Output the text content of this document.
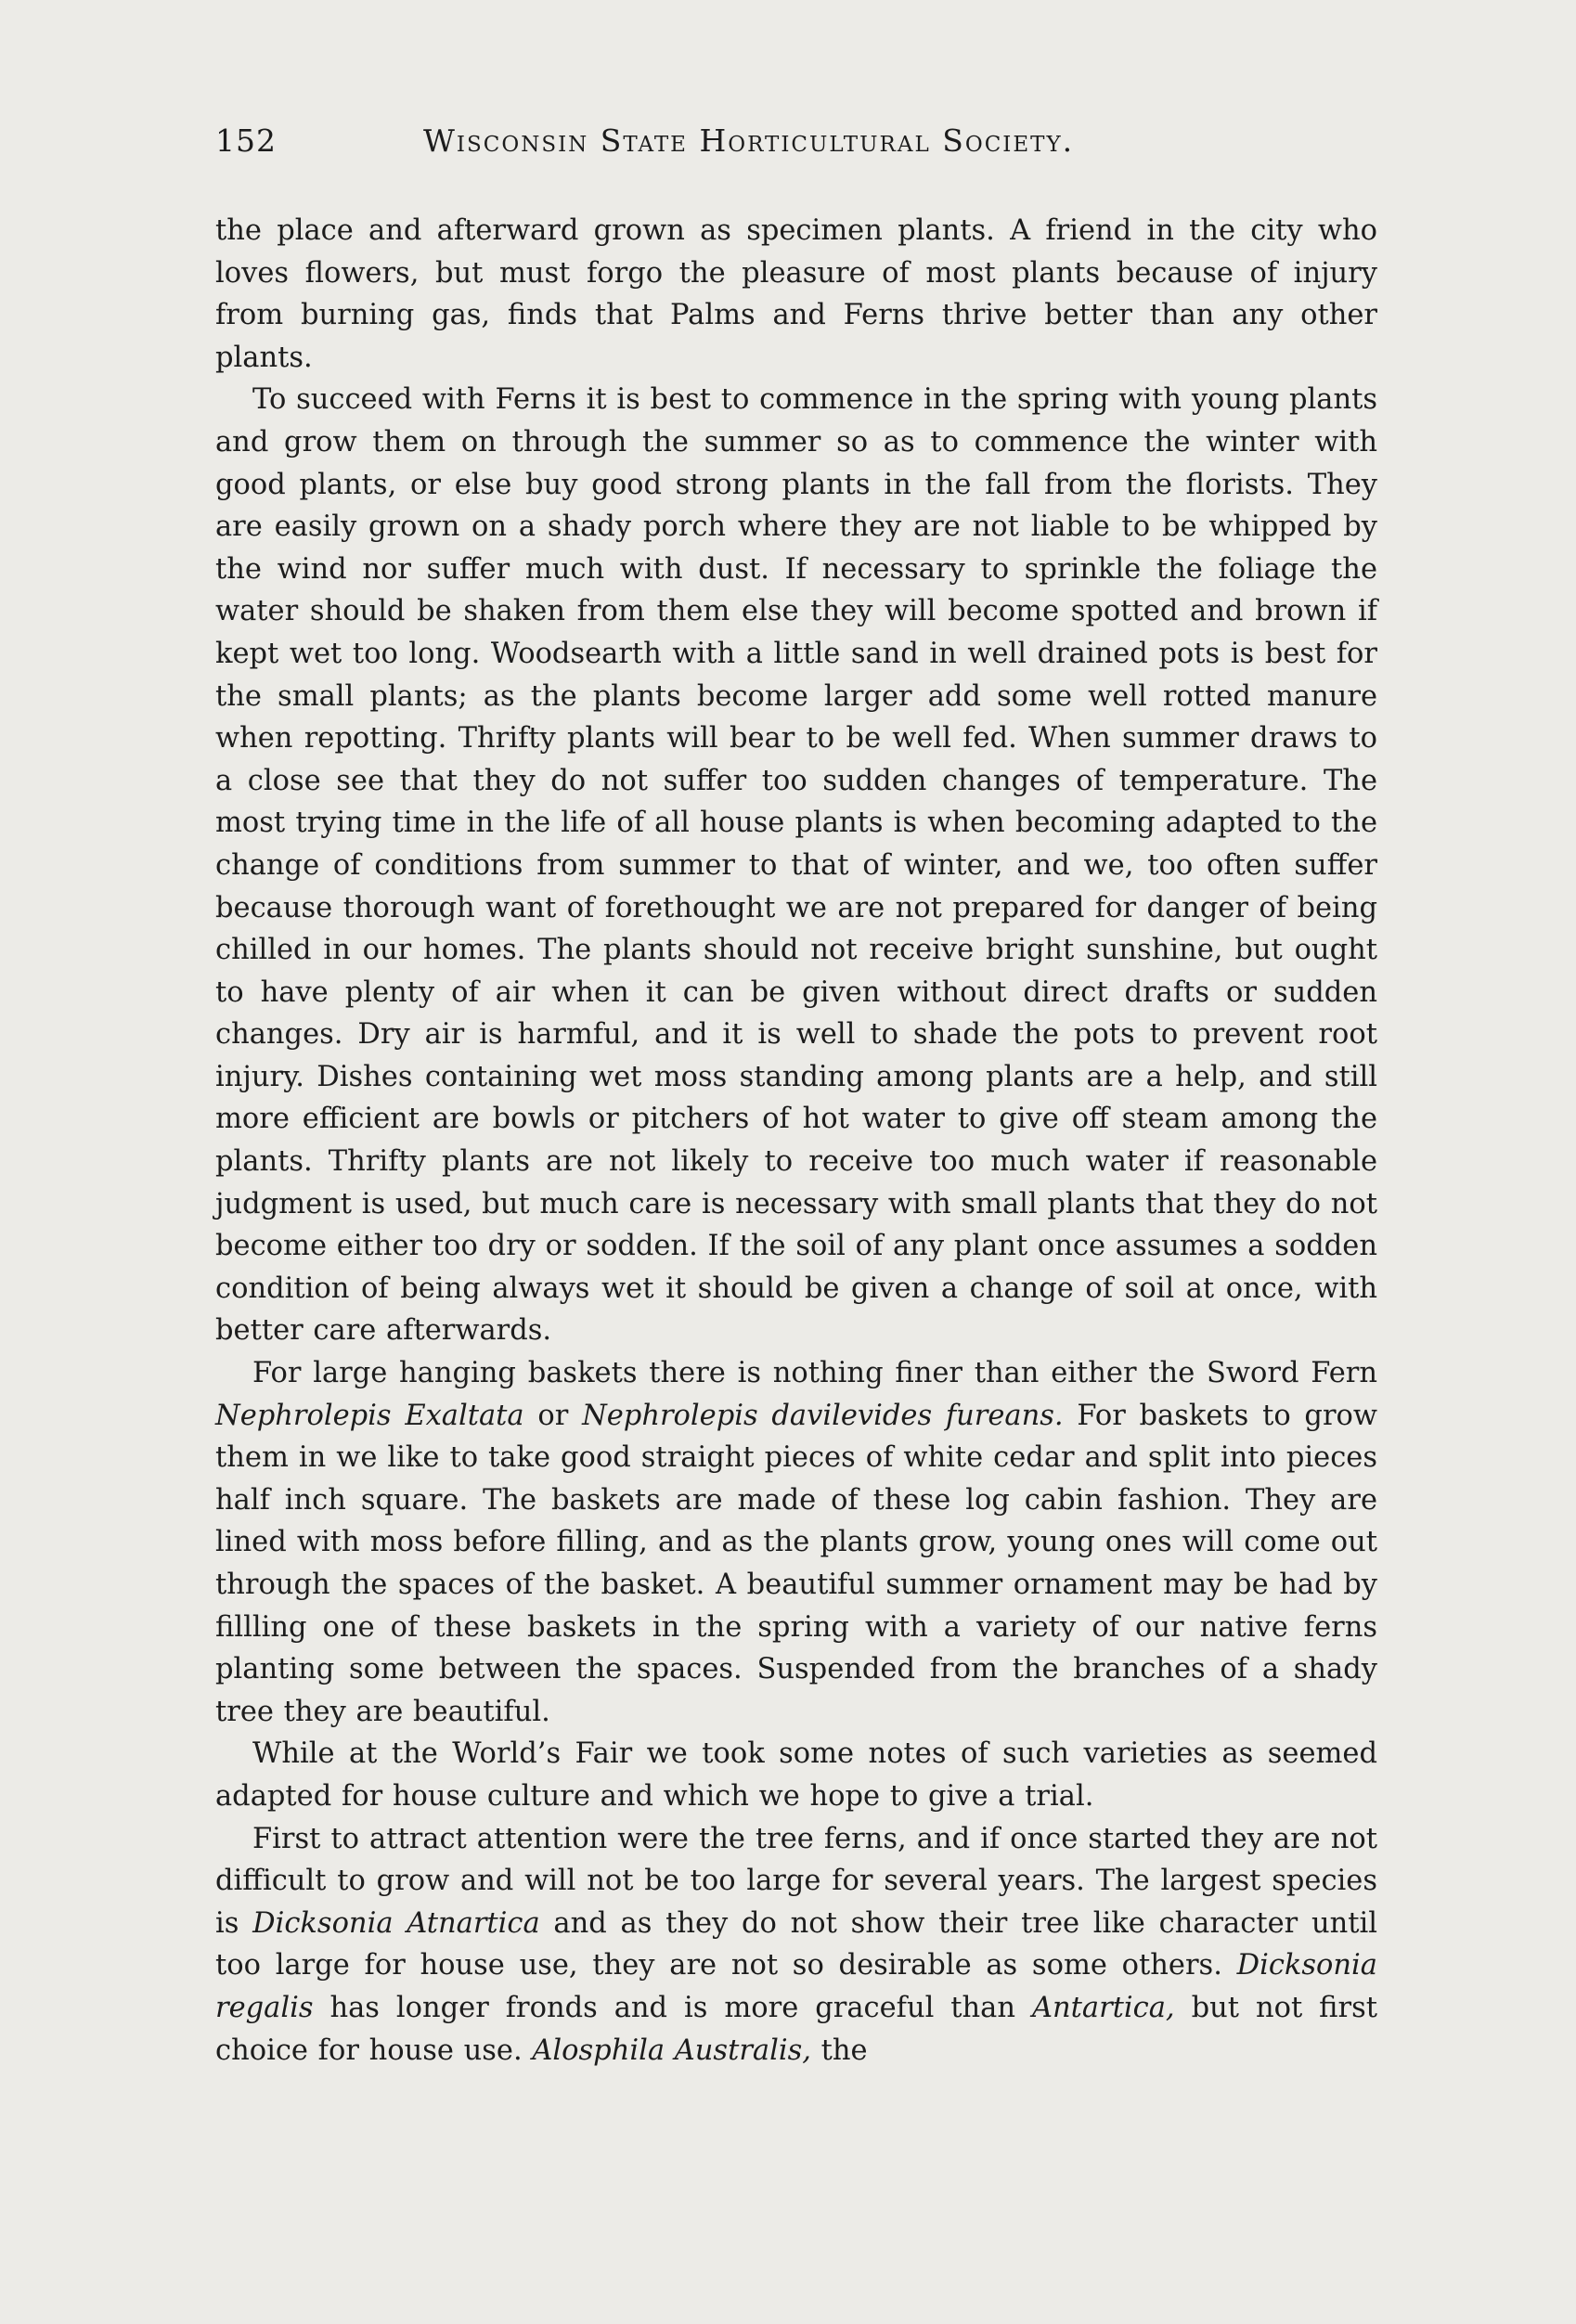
152	Wisconsin State Horticultural Society.

the place and afterward grown as specimen plants. A friend in the city who loves flowers, but must forgo the pleasure of most plants because of injury from burning gas, finds that Palms and Ferns thrive better than any other plants.

To succeed with Ferns it is best to commence in the spring with young plants and grow them on through the summer so as to commence the winter with good plants, or else buy good strong plants in the fall from the florists. They are easily grown on a shady porch where they are not liable to be whipped by the wind nor suffer much with dust. If necessary to sprinkle the foliage the water should be shaken from them else they will become spotted and brown if kept wet too long. Woodsearth with a little sand in well drained pots is best for the small plants; as the plants become larger add some well rotted manure when repotting. Thrifty plants will bear to be well fed. When summer draws to a close see that they do not suffer too sudden changes of temperature. The most trying time in the life of all house plants is when becoming adapted to the change of conditions from summer to that of winter, and we, too often suffer because thorough want of forethought we are not prepared for danger of being chilled in our homes. The plants should not receive bright sunshine, but ought to have plenty of air when it can be given without direct drafts or sudden changes. Dry air is harmful, and it is well to shade the pots to prevent root injury. Dishes containing wet moss standing among plants are a help, and still more efficient are bowls or pitchers of hot water to give off steam among the plants. Thrifty plants are not likely to receive too much water if reasonable judgment is used, but much care is necessary with small plants that they do not become either too dry or sodden. If the soil of any plant once assumes a sodden condition of being always wet it should be given a change of soil at once, with better care afterwards.

For large hanging baskets there is nothing finer than either the Sword Fern Nephrolepis Exaltata or Nephrolepis davilevides fureans. For baskets to grow them in we like to take good straight pieces of white cedar and split into pieces half inch square. The baskets are made of these log cabin fashion. They are lined with moss before filling, and as the plants grow, young ones will come out through the spaces of the basket. A beautiful summer ornament may be had by fillling one of these baskets in the spring with a variety of our native ferns planting some between the spaces. Suspended from the branches of a shady tree they are beautiful.

While at the World’s Fair we took some notes of such varieties as seemed adapted for house culture and which we hope to give a trial.

First to attract attention were the tree ferns, and if once started they are not difficult to grow and will not be too large for several years. The largest species is Dicksonia Atnartica and as they do not show their tree like character until too large for house use, they are not so desirable as some others. Dicksonia regalis has longer fronds and is more graceful than Antartica, but not first choice for house use. Alosphila Australis, the
